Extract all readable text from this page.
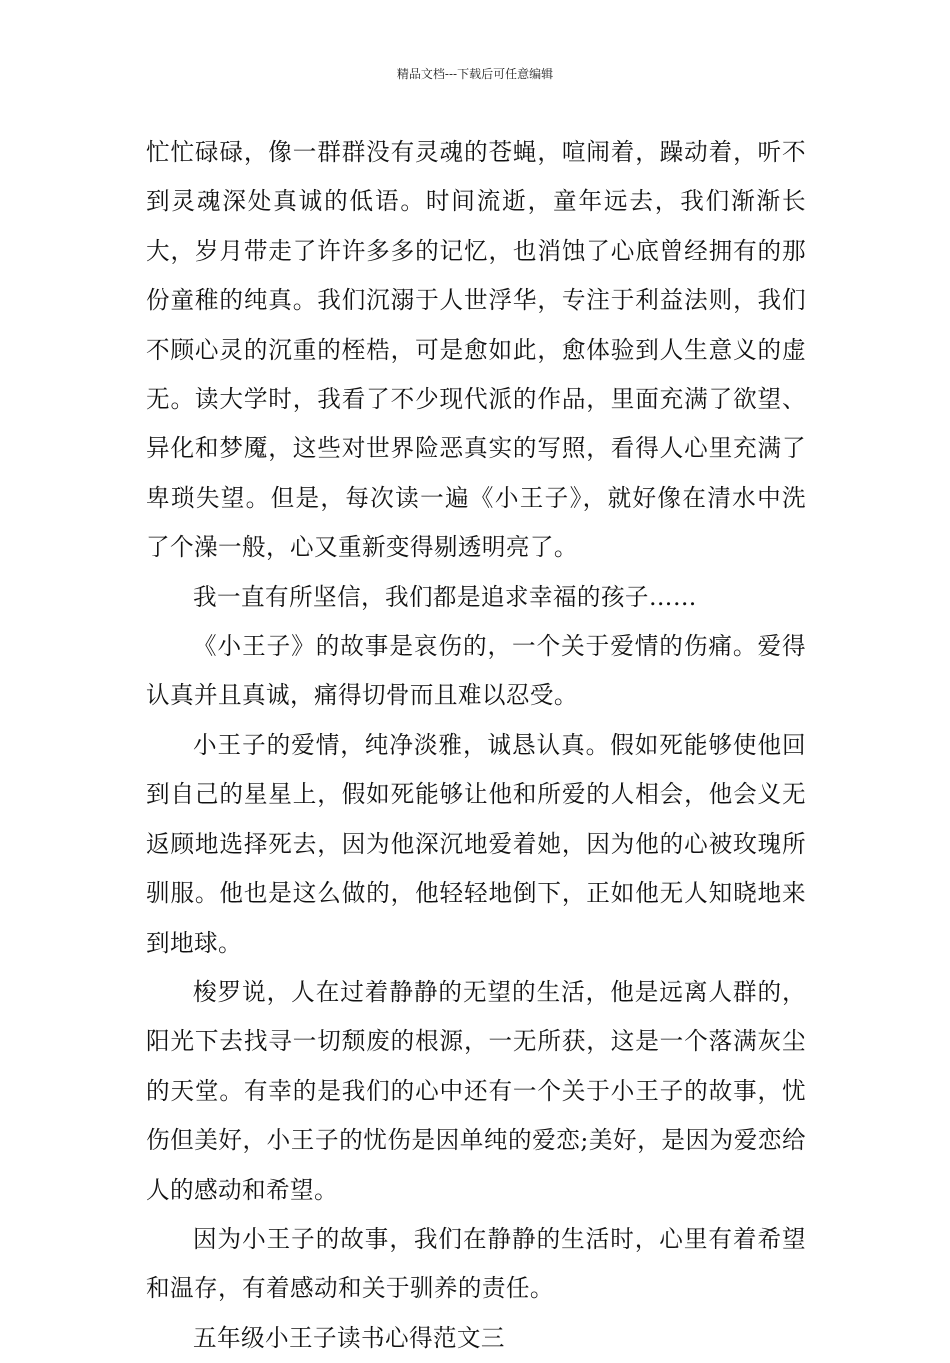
精品文档---下载后可任意编辑

忙忙碌碌，像一群群没有灵魂的苍蝇，喧闹着，躁动着，听不到灵魂深处真诚的低语。时间流逝，童年远去，我们渐渐长大，岁月带走了许许多多的记忆，也消蚀了心底曾经拥有的那份童稚的纯真。我们沉溺于人世浮华，专注于利益法则，我们不顾心灵的沉重的桎梏，可是愈如此，愈体验到人生意义的虚无。读大学时，我看了不少现代派的作品，里面充满了欲望、异化和梦魇，这些对世界险恶真实的写照，看得人心里充满了卑琐失望。但是，每次读一遍《小王子》，就好像在清水中洗了个澡一般，心又重新变得剔透明亮了。

我一直有所坚信，我们都是追求幸福的孩子……

《小王子》的故事是哀伤的，一个关于爱情的伤痛。爱得认真并且真诚，痛得切骨而且难以忍受。

小王子的爱情，纯净淡雅，诚恳认真。假如死能够使他回到自己的星星上，假如死能够让他和所爱的人相会，他会义无返顾地选择死去，因为他深沉地爱着她，因为他的心被玫瑰所驯服。他也是这么做的，他轻轻地倒下，正如他无人知晓地来到地球。

梭罗说，人在过着静静的无望的生活，他是远离人群的，阳光下去找寻一切颓废的根源，一无所获，这是一个落满灰尘的天堂。有幸的是我们的心中还有一个关于小王子的故事，忧伤但美好，小王子的忧伤是因单纯的爱恋;美好，是因为爱恋给人的感动和希望。

因为小王子的故事，我们在静静的生活时，心里有着希望和温存，有着感动和关于驯养的责任。

五年级小王子读书心得范文三
